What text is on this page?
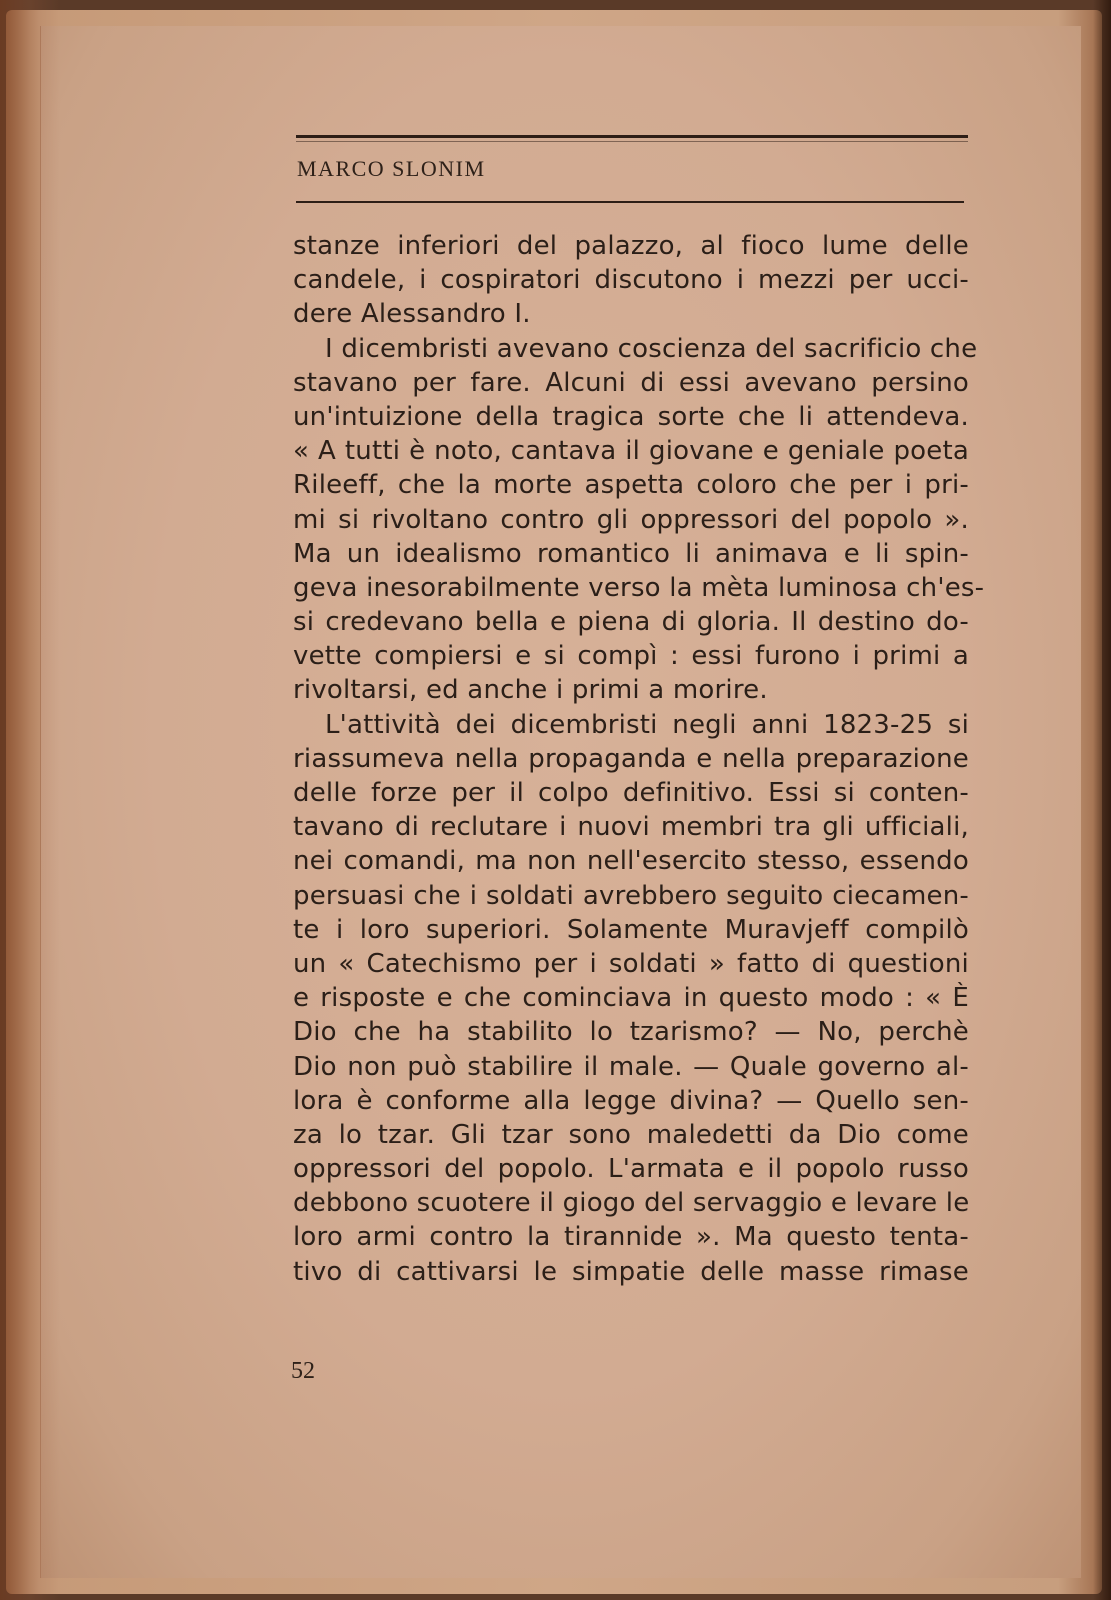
MARCO SLONIM

stanze inferiori del palazzo, al fioco lume delle
candele, i cospiratori discutono i mezzi per ucci-
dere Alessandro I.
I dicembristi avevano coscienza del sacrificio che
stavano per fare. Alcuni di essi avevano persino
un'intuizione della tragica sorte che li attendeva.
« A tutti è noto, cantava il giovane e geniale poeta
Rileeff, che la morte aspetta coloro che per i pri-
mi si rivoltano contro gli oppressori del popolo ».
Ma un idealismo romantico li animava e li spin-
geva inesorabilmente verso la mèta luminosa ch'es-
si credevano bella e piena di gloria. Il destino do-
vette compiersi e si compì : essi furono i primi a
rivoltarsi, ed anche i primi a morire.
L'attività dei dicembristi negli anni 1823-25 si
riassumeva nella propaganda e nella preparazione
delle forze per il colpo definitivo. Essi si conten-
tavano di reclutare i nuovi membri tra gli ufficiali,
nei comandi, ma non nell'esercito stesso, essendo
persuasi che i soldati avrebbero seguito ciecamen-
te i loro superiori. Solamente Muravjeff compilò
un « Catechismo per i soldati » fatto di questioni
e risposte e che cominciava in questo modo : « È
Dio che ha stabilito lo tzarismo? — No, perchè
Dio non può stabilire il male. — Quale governo al-
lora è conforme alla legge divina? — Quello sen-
za lo tzar. Gli tzar sono maledetti da Dio come
oppressori del popolo. L'armata e il popolo russo
debbono scuotere il giogo del servaggio e levare le
loro armi contro la tirannide ». Ma questo tenta-
tivo di cattivarsi le simpatie delle masse rimase

52
